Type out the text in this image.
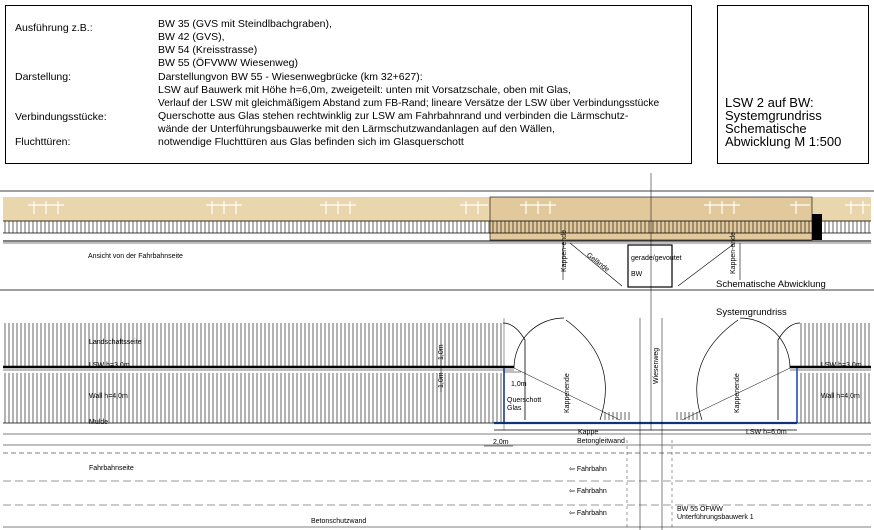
Ausführung z.B.:	BW 35 (GVS mit Steindlbachgraben),
BW 42 (GVS),
BW 54 (Kreisstrasse)
BW 55 (ÖFVWW Wiesenweg)
Darstellung:	Darstellungvon BW 55 - Wiesenwegbrücke (km 32+627):
LSW auf Bauwerk mit Höhe h=6,0m, zweigeteilt: unten mit Vorsatzschale, oben mit Glas,
Verlauf der LSW mit gleichmäßigem Abstand zum FB-Rand; lineare Versätze der LSW über Verbindungsstücke
Verbindungsstücke:	Querschotte aus Glas stehen rechtwinklig zur LSW am Fahrbahnrand und verbinden die Lärmschutz-
wände der Unterführungsbauwerke mit den Lärmschutzwandanlagen auf den Wällen,
Fluchttüren:	notwendige Fluchttüren aus Glas befinden sich im Glasquerschott
LSW 2 auf BW:
Systemgrundriss
Schematische
Abwicklung M 1:500
Ansicht von der Fahrbahnseite	Kappen-ende Gelände	gerade/gevoutet
BW
Kappen-ende
Schematische Abwicklung
Systemgrundriss
Landschaftsseite
LSW h=3,0m	LSW h=3,0m
Wall h=4,0m	Wall h=4,0m
Mulde
1,0m
1,0m	1,0m
Querschott
Glas	Kappenende	Kappenende
Wiesenweg
Kappe	LSW h=6,0m
2,0m	Betongleitwand
Fahrbahnseite	⇦ Fahrbahn
⇦ Fahrbahn
⇦ Fahrbahn
BW 55 ÖFWW
Unterführungsbauwerk 1
Betonschutzwand
